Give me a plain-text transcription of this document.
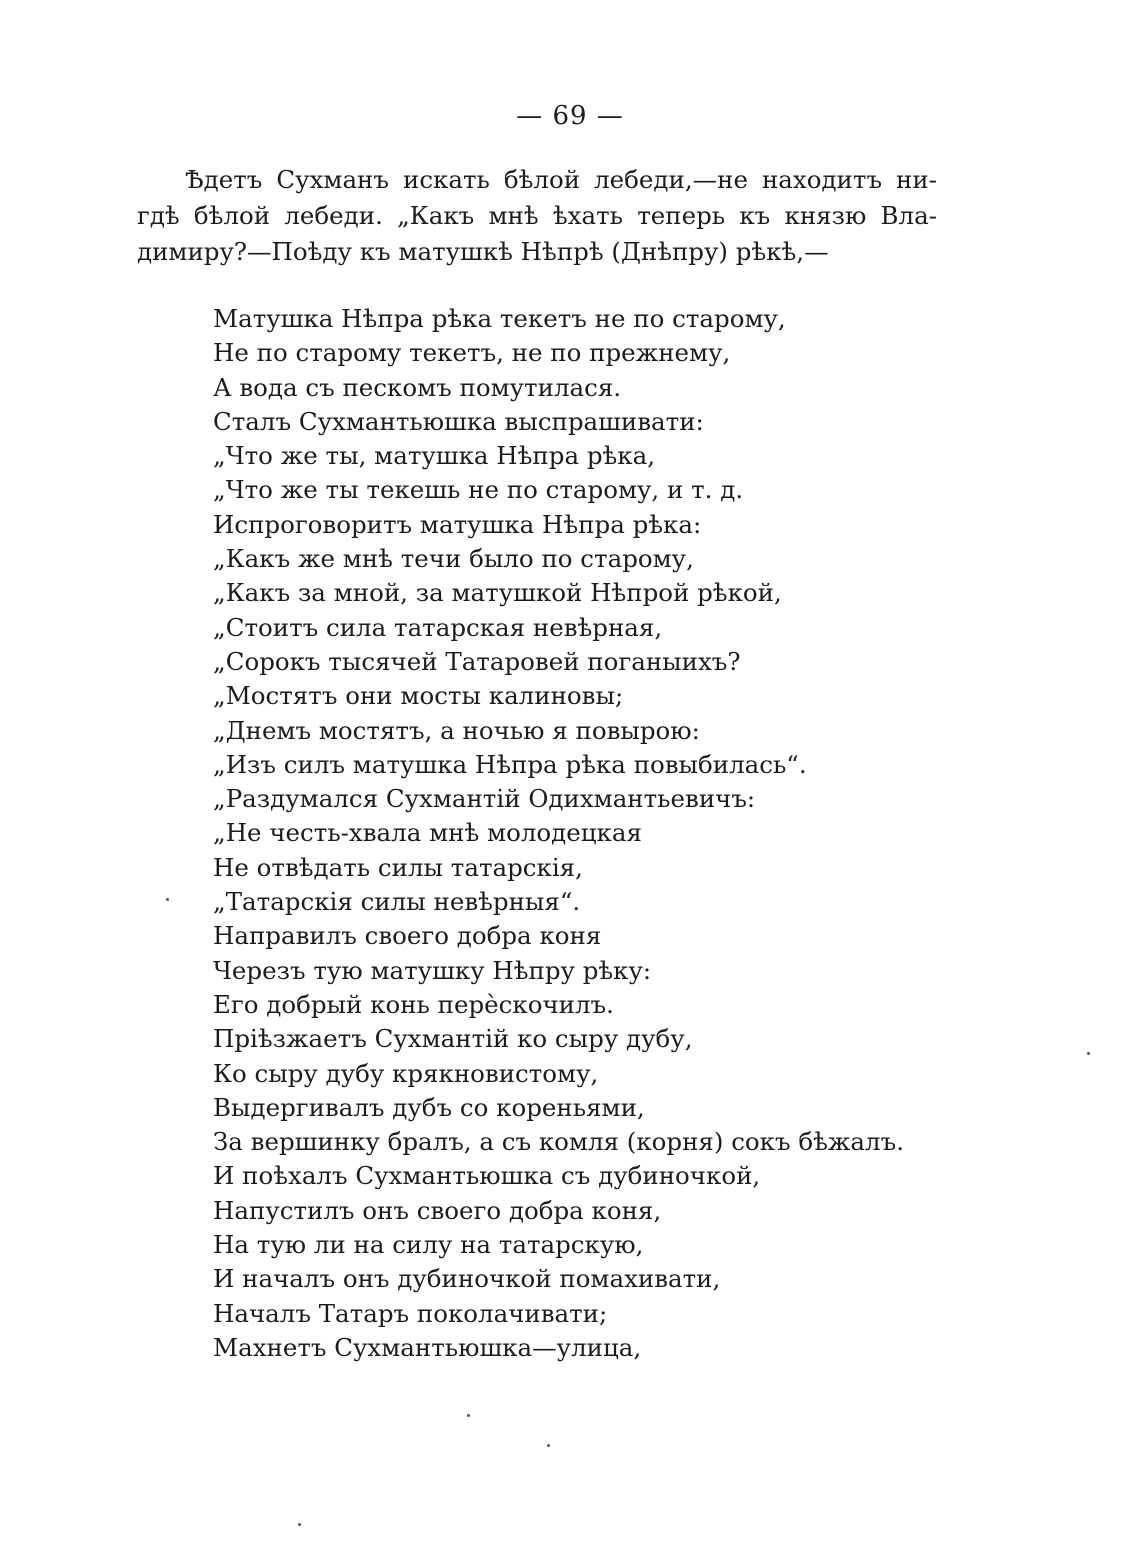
— 69 —
Ѣдетъ Сухманъ искать бѣлой лебеди,—не находитъ ни-
гдѣ бѣлой лебеди. „Какъ мнѣ ѣхать теперь къ князю Вла-
димиру?—Поѣду къ матушкѣ Нѣпрѣ (Днѣпру) рѣкѣ,—
Матушка Нѣпра рѣка текетъ не по старому,
Не по старому текетъ, не по прежнему,
А вода съ пескомъ помутилася.
Сталъ Сухмантьюшка выспрашивати:
„Что же ты, матушка Нѣпра рѣка,
„Что же ты текешь не по старому, и т. д.
Испроговоритъ матушка Нѣпра рѣка:
„Какъ же мнѣ течи было по старому,
„Какъ за мной, за матушкой Нѣпрой рѣкой,
„Стоитъ сила татарская невѣрная,
„Сорокъ тысячей Татаровей поганыихъ?
„Мостятъ они мосты калиновы;
„Днемъ мостятъ, а ночью я повырою:
„Изъ силъ матушка Нѣпра рѣка повыбилась“.
„Раздумался Сухмантій Одихмантьевичъ:
„Не честь-хвала мнѣ молодецкая
Не отвѣдать силы татарскія,
„Татарскія силы невѣрныя“.
Направилъ своего добра коня
Черезъ тую матушку Нѣпру рѣку:
Его добрый конь перѐскочилъ.
Пріѣзжаетъ Сухмантій ко сыру дубу,
Ко сыру дубу крякновистому,
Выдергивалъ дубъ со кореньями,
За вершинку бралъ, а съ комля (корня) сокъ бѣжалъ.
И поѣхалъ Сухмантьюшка съ дубиночкой,
Напустилъ онъ своего добра коня,
На тую ли на силу на татарскую,
И началъ онъ дубиночкой помахивати,
Началъ Татаръ поколачивати;
Махнетъ Сухмантьюшка—улица,
